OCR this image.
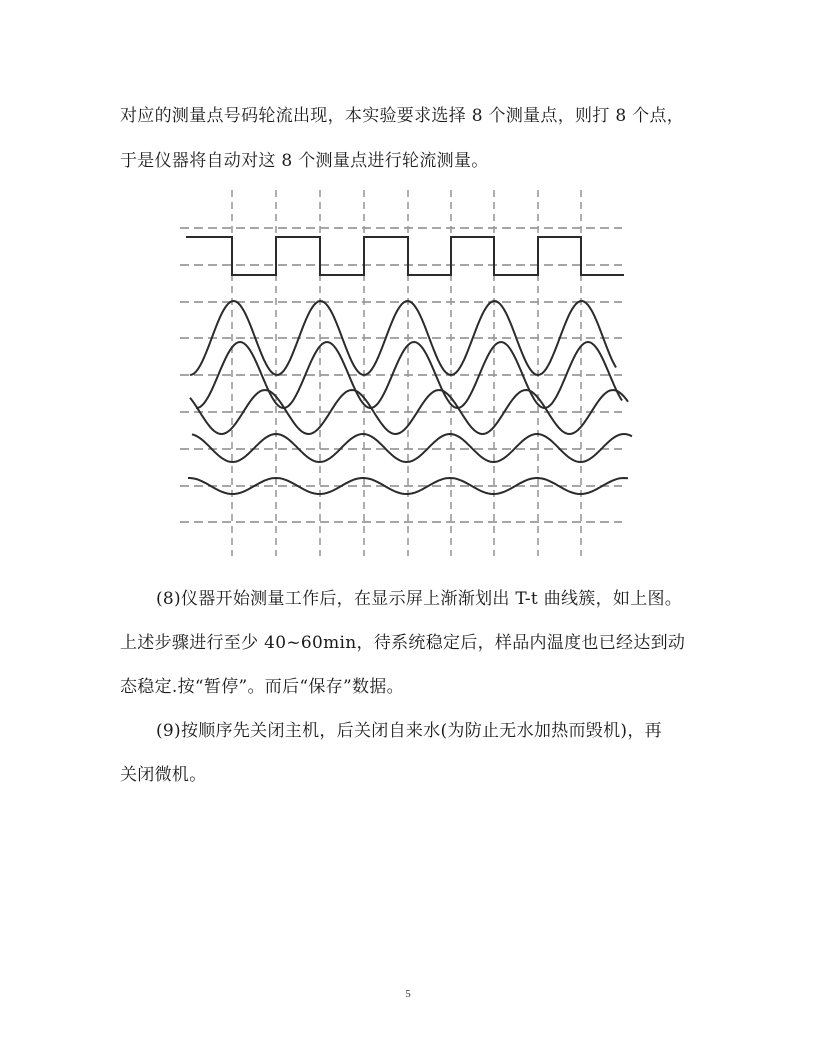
对应的测量点号码轮流出现，本实验要求选择 8 个测量点，则打 8 个点，
于是仪器将自动对这 8 个测量点进行轮流测量。
(8)仪器开始测量工作后，在显示屏上渐渐划出 T-t 曲线簇，如上图。
上述步骤进行至少 40~60min，待系统稳定后，样品内温度也已经达到动
态稳定.按“暂停”。而后“保存”数据。
(9)按顺序先关闭主机，后关闭自来水(为防止无水加热而毁机)，再
关闭微机。
5
